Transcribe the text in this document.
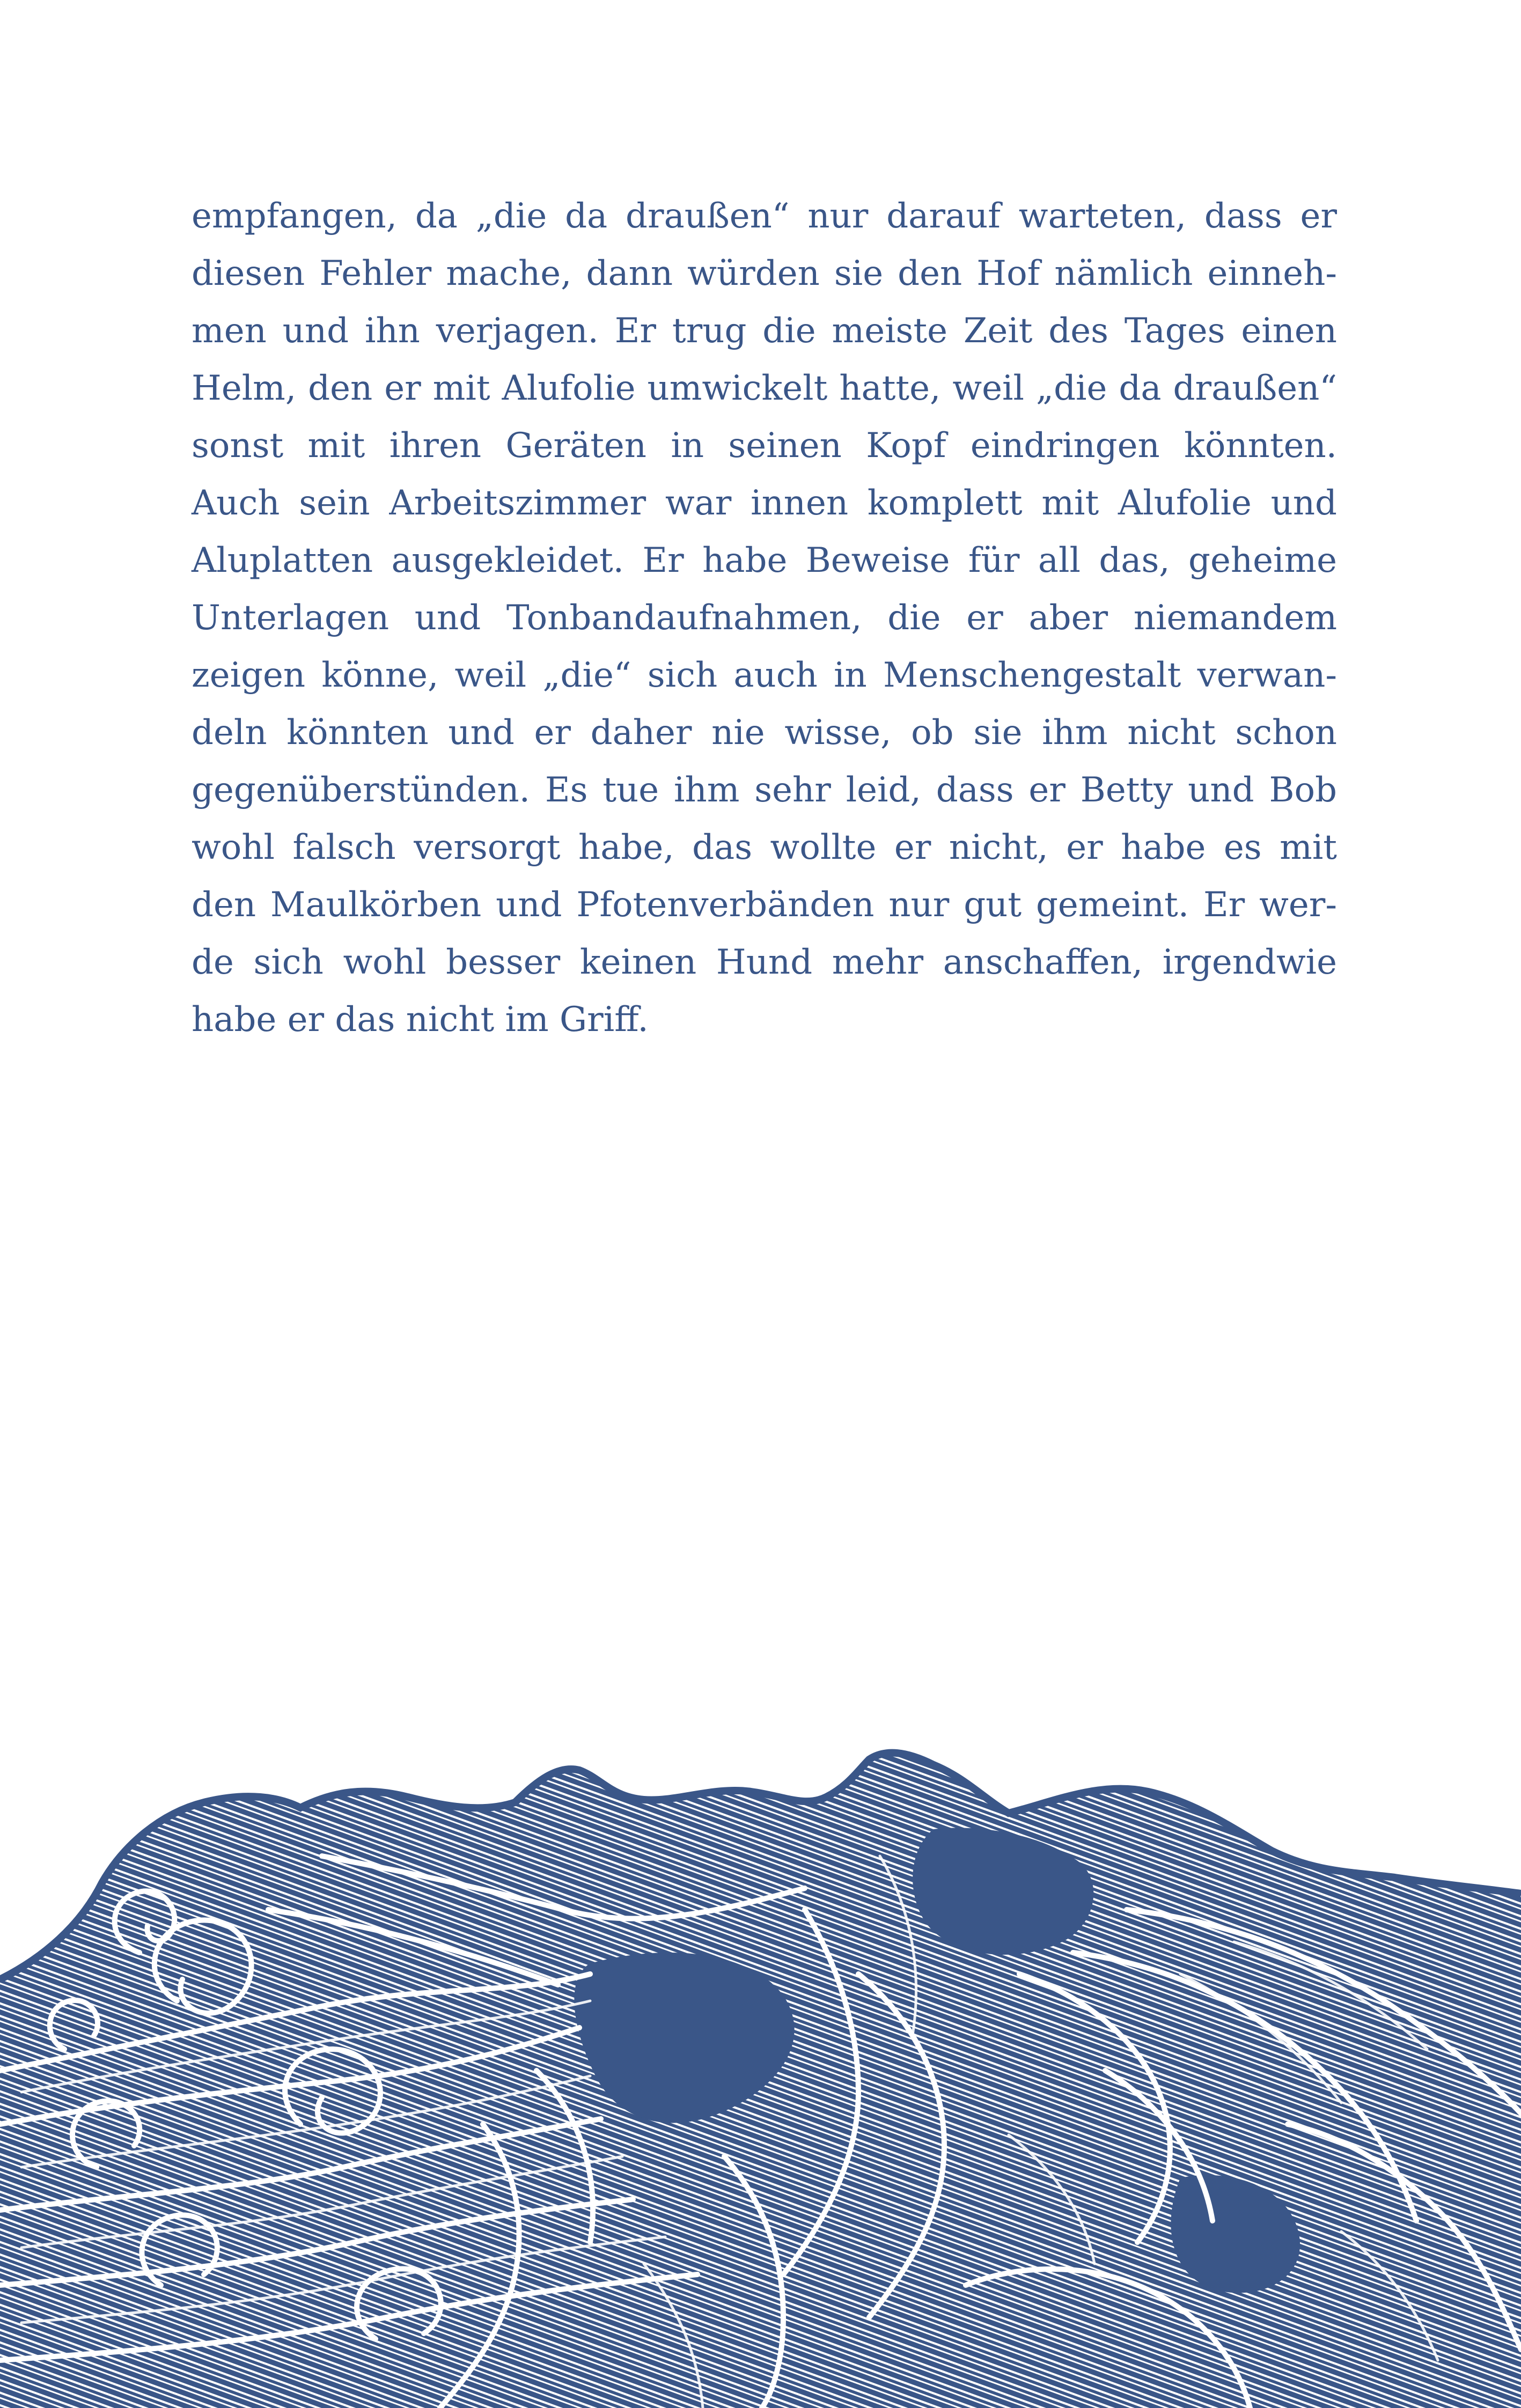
empfangen, da „die da draußen“ nur darauf warteten, dass er
diesen Fehler mache, dann würden sie den Hof nämlich einneh-
men und ihn verjagen. Er trug die meiste Zeit des Tages einen
Helm, den er mit Alufolie umwickelt hatte, weil „die da draußen“
sonst mit ihren Geräten in seinen Kopf eindringen könnten.
Auch sein Arbeitszimmer war innen komplett mit Alufolie und
Aluplatten ausgekleidet. Er habe Beweise für all das, geheime
Unterlagen und Tonbandaufnahmen, die er aber niemandem
zeigen könne, weil „die“ sich auch in Menschengestalt verwan-
deln könnten und er daher nie wisse, ob sie ihm nicht schon
gegenüberstünden. Es tue ihm sehr leid, dass er Betty und Bob
wohl falsch versorgt habe, das wollte er nicht, er habe es mit
den Maulkörben und Pfotenverbänden nur gut gemeint. Er wer-
de sich wohl besser keinen Hund mehr anschaffen, irgendwie
habe er das nicht im Griff.
